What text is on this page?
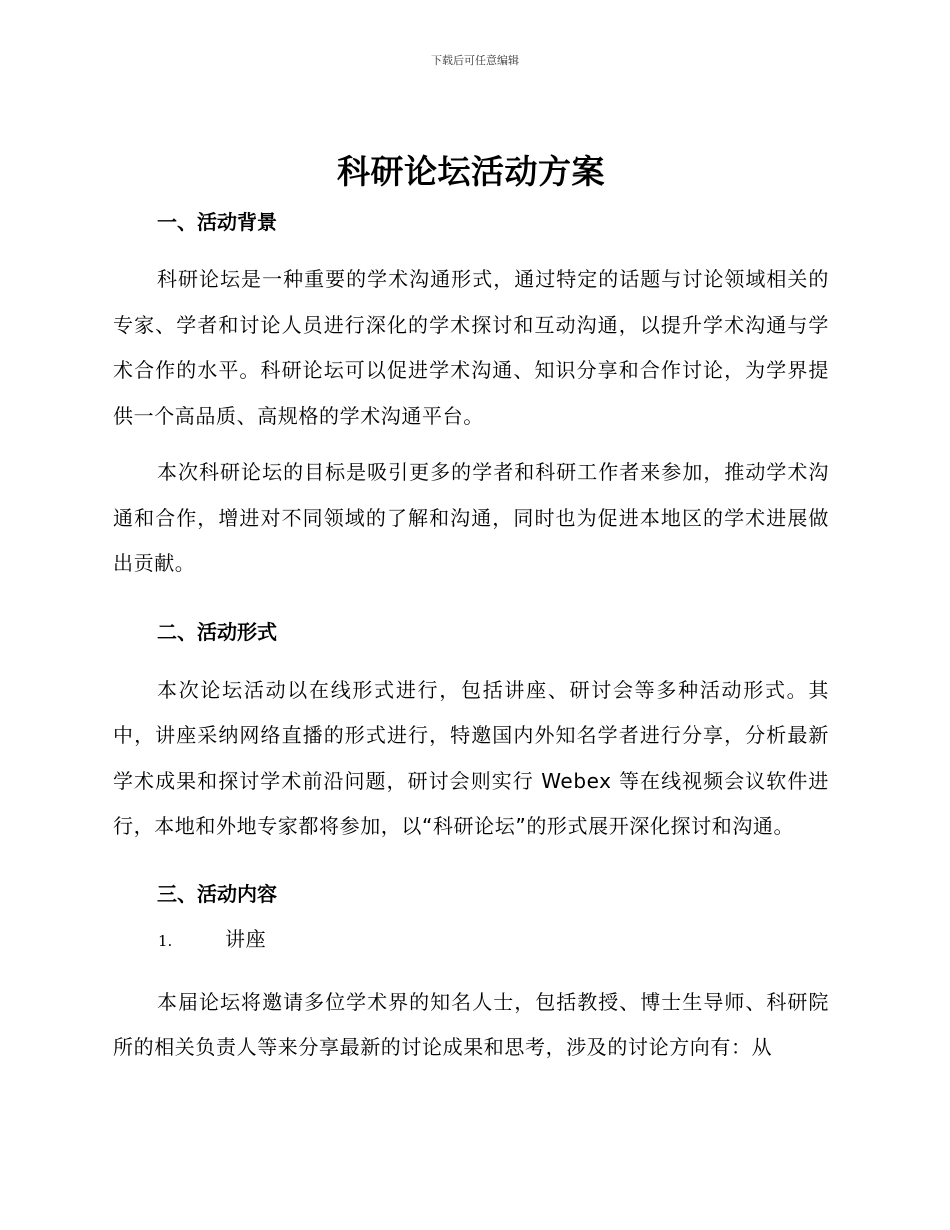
下载后可任意编辑
科研论坛活动方案
一、活动背景

科研论坛是一种重要的学术沟通形式，通过特定的话题与讨论领域相关的专家、学者和讨论人员进行深化的学术探讨和互动沟通，以提升学术沟通与学术合作的水平。科研论坛可以促进学术沟通、知识分享和合作讨论，为学界提供一个高品质、高规格的学术沟通平台。

本次科研论坛的目标是吸引更多的学者和科研工作者来参加，推动学术沟通和合作，增进对不同领域的了解和沟通，同时也为促进本地区的学术进展做出贡献。

二、活动形式

本次论坛活动以在线形式进行，包括讲座、研讨会等多种活动形式。其中，讲座采纳网络直播的形式进行，特邀国内外知名学者进行分享，分析最新学术成果和探讨学术前沿问题，研讨会则实行 Webex 等在线视频会议软件进行，本地和外地专家都将参加，以“科研论坛”的形式展开深化探讨和沟通。

三、活动内容
1.	讲座

本届论坛将邀请多位学术界的知名人士，包括教授、博士生导师、科研院所的相关负责人等来分享最新的讨论成果和思考，涉及的讨论方向有：从
